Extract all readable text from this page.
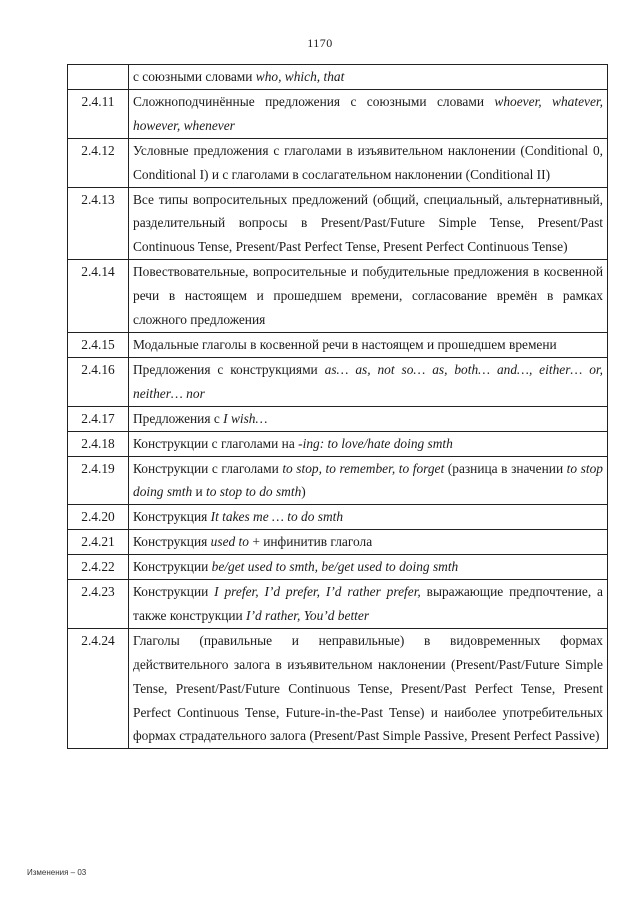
1170
	с союзными словами who, which, that
2.4.11	Сложноподчинённые предложения с союзными словами whoever, whatever, however, whenever
2.4.12	Условные предложения с глаголами в изъявительном наклонении (Conditional 0, Conditional I) и с глаголами в сослагательном наклонении (Conditional II)
2.4.13	Все типы вопросительных предложений (общий, специальный, альтернативный, разделительный вопросы в Present/Past/Future Simple Tense, Present/Past Continuous Tense, Present/Past Perfect Tense, Present Perfect Continuous Tense)
2.4.14	Повествовательные, вопросительные и побудительные предложения в косвенной речи в настоящем и прошедшем времени, согласование времён в рамках сложного предложения
2.4.15	Модальные глаголы в косвенной речи в настоящем и прошедшем времени
2.4.16	Предложения с конструкциями as… as, not so… as, both… and…, either… or, neither… nor
2.4.17	Предложения с I wish…
2.4.18	Конструкции с глаголами на -ing: to love/hate doing smth
2.4.19	Конструкции с глаголами to stop, to remember, to forget (разница в значении to stop doing smth и to stop to do smth)
2.4.20	Конструкция It takes me … to do smth
2.4.21	Конструкция used to + инфинитив глагола
2.4.22	Конструкции be/get used to smth, be/get used to doing smth
2.4.23	Конструкции I prefer, I’d prefer, I’d rather prefer, выражающие предпочтение, а также конструкции I’d rather, You’d better
2.4.24	Глаголы (правильные и неправильные) в видовременных формах действительного залога в изъявительном наклонении (Present/Past/Future Simple Tense, Present/Past/Future Continuous Tense, Present/Past Perfect Tense, Present Perfect Continuous Tense, Future-in-the-Past Tense) и наиболее употребительных формах страдательного залога (Present/Past Simple Passive, Present Perfect Passive)
Изменения – 03
